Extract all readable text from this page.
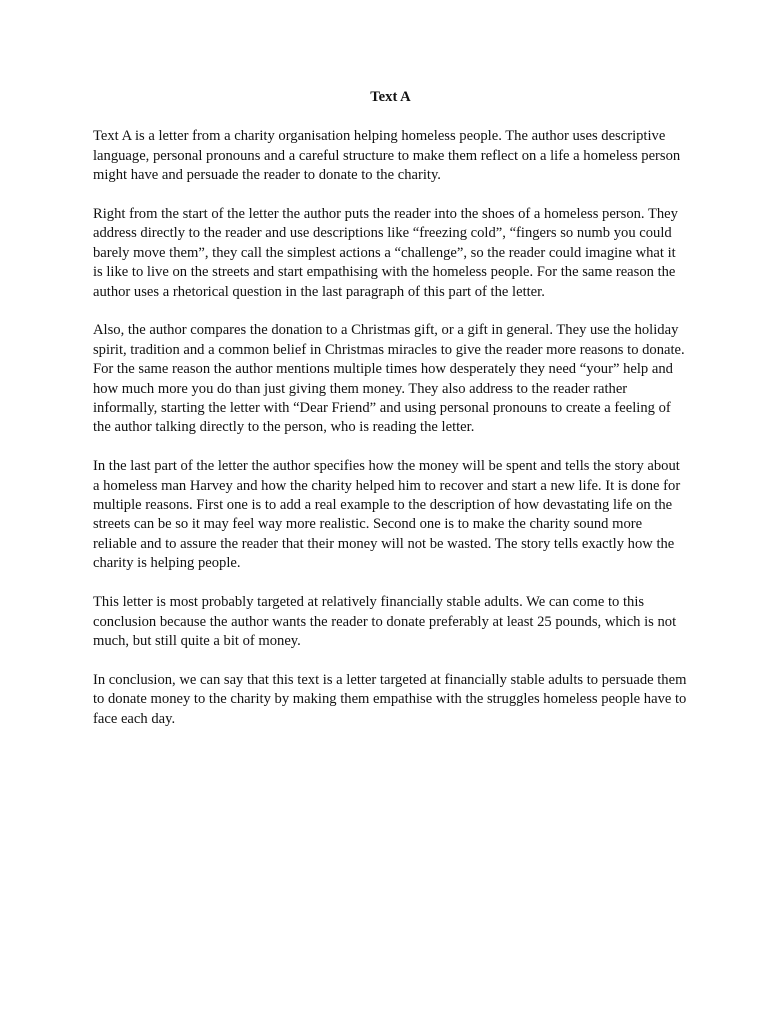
Text A

Text A is a letter from a charity organisation helping homeless people. The author uses descriptive language, personal pronouns and a careful structure to make them reflect on a life a homeless person might have and persuade the reader to donate to the charity.

Right from the start of the letter the author puts the reader into the shoes of a homeless person. They address directly to the reader and use descriptions like “freezing cold”, “fingers so numb you could barely move them”, they call the simplest actions a “challenge”, so the reader could imagine what it is like to live on the streets and start empathising with the homeless people. For the same reason the author uses a rhetorical question in the last paragraph of this part of the letter.

Also, the author compares the donation to a Christmas gift, or a gift in general. They use the holiday spirit, tradition and a common belief in Christmas miracles to give the reader more reasons to donate. For the same reason the author mentions multiple times how desperately they need “your” help and how much more you do than just giving them money. They also address to the reader rather informally, starting the letter with “Dear Friend” and using personal pronouns to create a feeling of the author talking directly to the person, who is reading the letter.

In the last part of the letter the author specifies how the money will be spent and tells the story about a homeless man Harvey and how the charity helped him to recover and start a new life. It is done for multiple reasons. First one is to add a real example to the description of how devastating life on the streets can be so it may feel way more realistic. Second one is to make the charity sound more reliable and to assure the reader that their money will not be wasted. The story tells exactly how the charity is helping people.

This letter is most probably targeted at relatively financially stable adults. We can come to this conclusion because the author wants the reader to donate preferably at least 25 pounds, which is not much, but still quite a bit of money.

In conclusion, we can say that this text is a letter targeted at financially stable adults to persuade them to donate money to the charity by making them empathise with the struggles homeless people have to face each day.
